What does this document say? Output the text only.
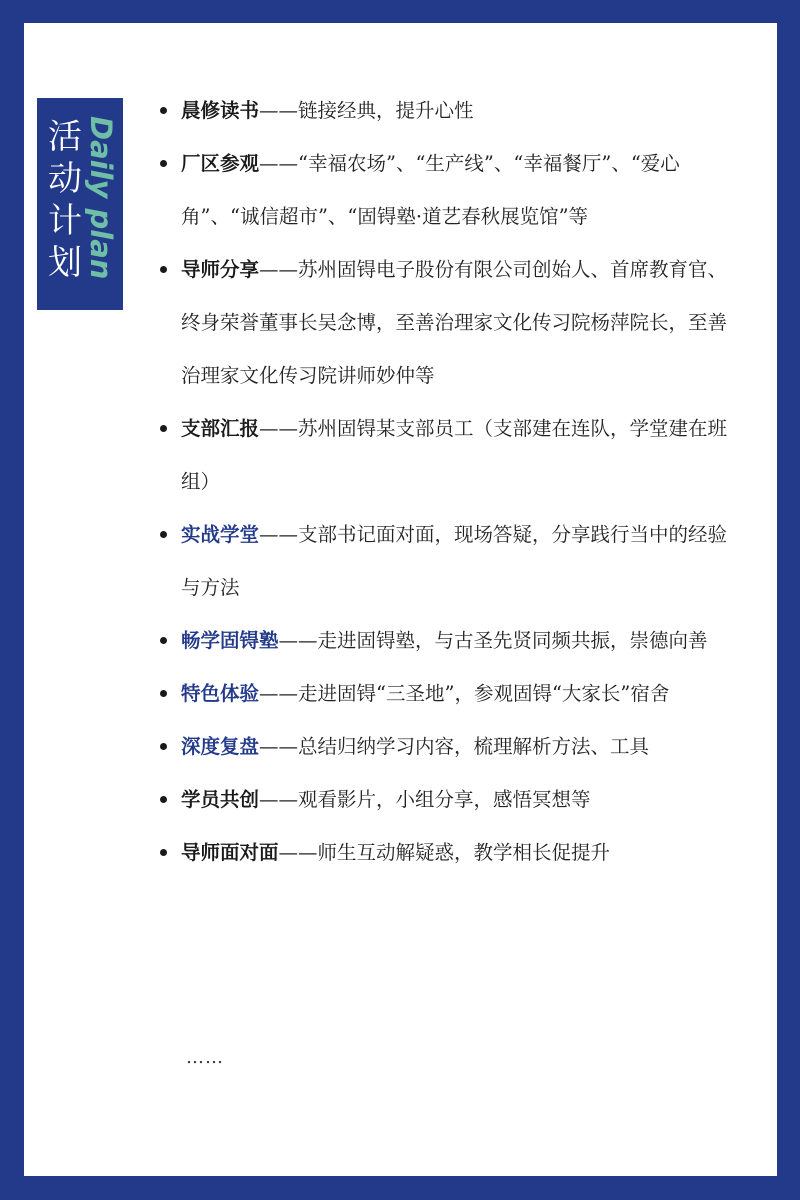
活
动
计
划 Daily plan
晨修读书——链接经典，提升心性
厂区参观——“幸福农场”、“生产线”、“幸福餐厅”、“爱心角”、“诚信超市”、“固锝塾·道艺春秋展览馆”等
导师分享——苏州固锝电子股份有限公司创始人、首席教育官、终身荣誉董事长吴念博，至善治理家文化传习院杨萍院长，至善治理家文化传习院讲师妙仲等
支部汇报——苏州固锝某支部员工（支部建在连队，学堂建在班组）
实战学堂——支部书记面对面，现场答疑，分享践行当中的经验与方法
畅学固锝塾——走进固锝塾，与古圣先贤同频共振，崇德向善
特色体验——走进固锝“三圣地”，参观固锝“大家长”宿舍
深度复盘——总结归纳学习内容，梳理解析方法、工具
学员共创——观看影片，小组分享，感悟冥想等
导师面对面——师生互动解疑惑，教学相长促提升
……
